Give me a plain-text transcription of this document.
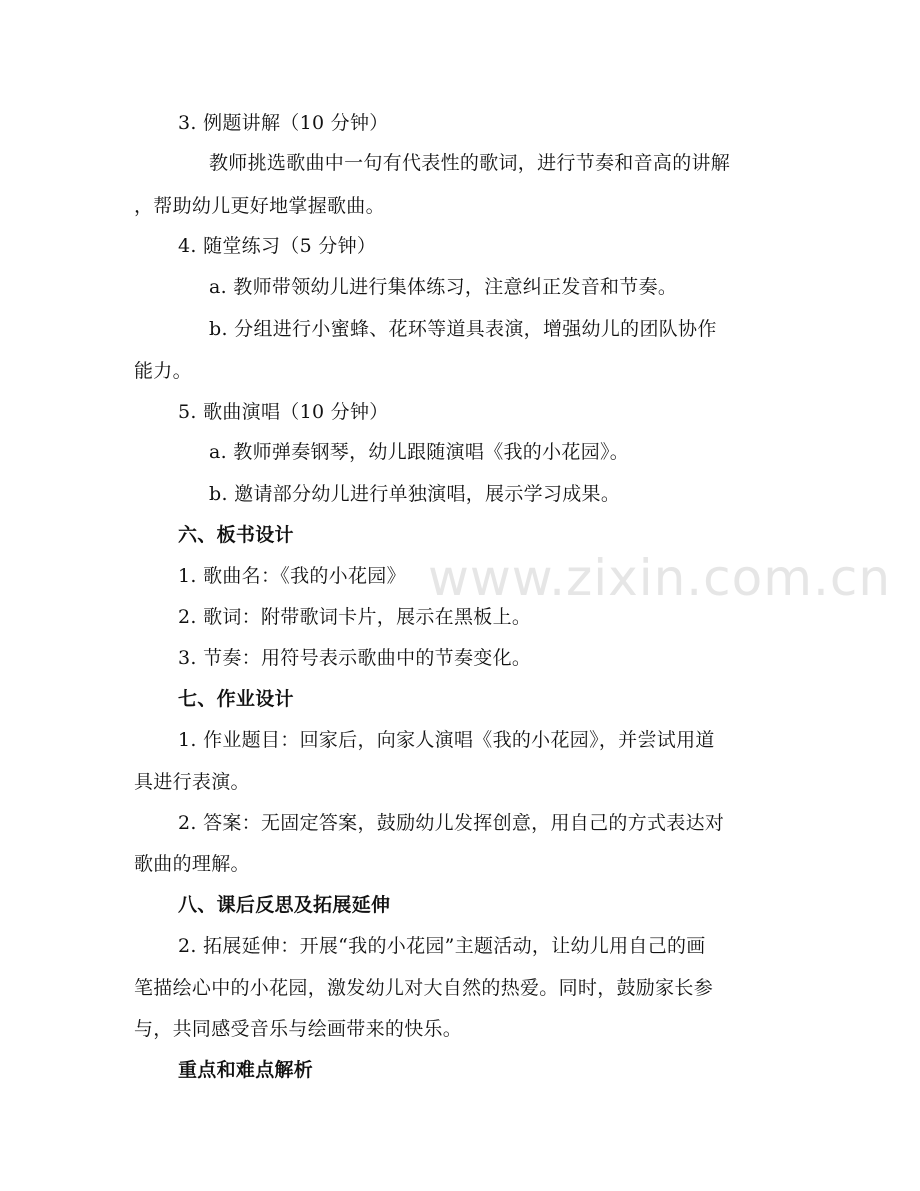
www.zixin.com.cn
3. 例题讲解（10 分钟）
教师挑选歌曲中一句有代表性的歌词，进行节奏和音高的讲解
，帮助幼儿更好地掌握歌曲。
4. 随堂练习（5 分钟）
a. 教师带领幼儿进行集体练习，注意纠正发音和节奏。
b. 分组进行小蜜蜂、花环等道具表演，增强幼儿的团队协作
能力。
5. 歌曲演唱（10 分钟）
a. 教师弹奏钢琴，幼儿跟随演唱《我的小花园》。
b. 邀请部分幼儿进行单独演唱，展示学习成果。
六、板书设计
1. 歌曲名：《我的小花园》
2. 歌词：附带歌词卡片，展示在黑板上。
3. 节奏：用符号表示歌曲中的节奏变化。
七、作业设计
1. 作业题目：回家后，向家人演唱《我的小花园》，并尝试用道
具进行表演。
2. 答案：无固定答案，鼓励幼儿发挥创意，用自己的方式表达对
歌曲的理解。
八、课后反思及拓展延伸
2. 拓展延伸：开展“我的小花园”主题活动，让幼儿用自己的画
笔描绘心中的小花园，激发幼儿对大自然的热爱。同时，鼓励家长参
与，共同感受音乐与绘画带来的快乐。
重点和难点解析
